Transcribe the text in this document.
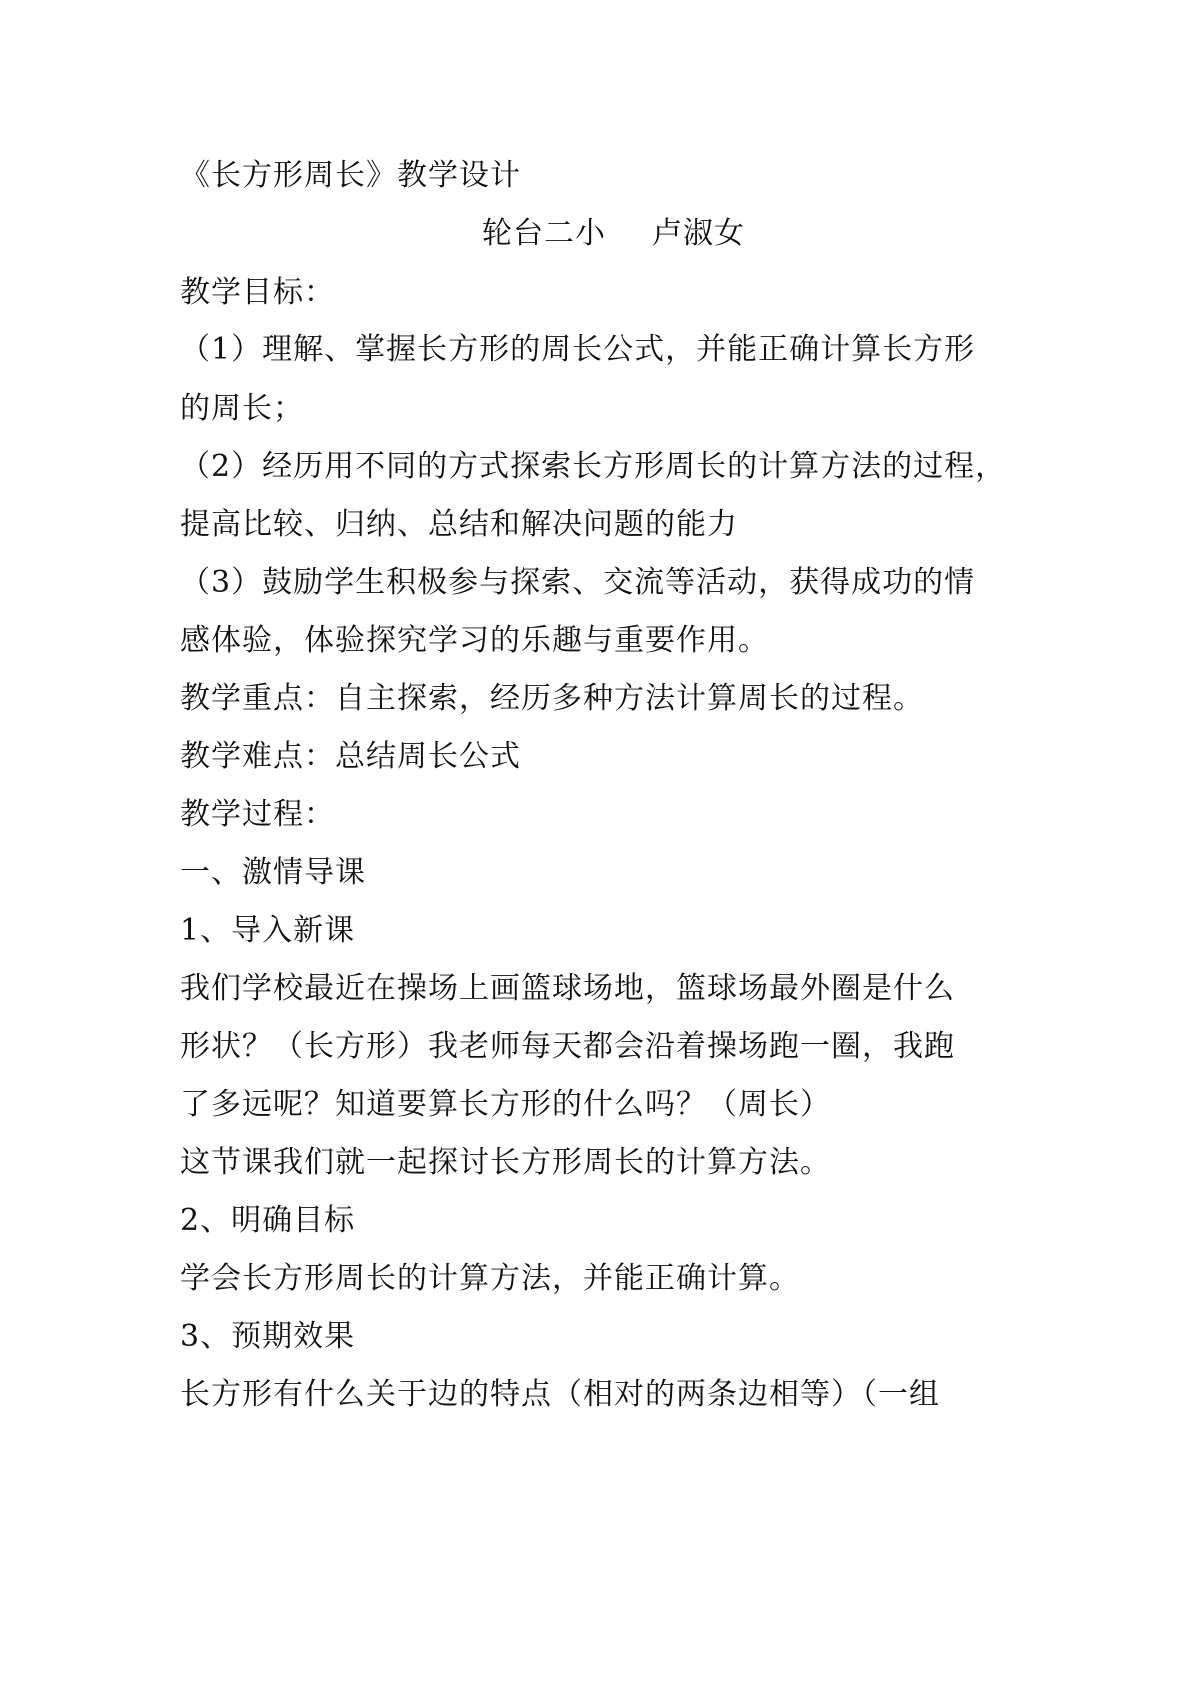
《长方形周长》教学设计
轮台二小 卢淑女
教学目标：
（1）理解、掌握长方形的周长公式，并能正确计算长方形
的周长；
（2）经历用不同的方式探索长方形周长的计算方法的过程，
提高比较、归纳、总结和解决问题的能力
（3）鼓励学生积极参与探索、交流等活动，获得成功的情
感体验，体验探究学习的乐趣与重要作用。
教学重点：自主探索，经历多种方法计算周长的过程。
教学难点：总结周长公式
教学过程：
一、激情导课
1、导入新课
我们学校最近在操场上画篮球场地，篮球场最外圈是什么
形状？（长方形）我老师每天都会沿着操场跑一圈，我跑
了多远呢？知道要算长方形的什么吗？（周长）
这节课我们就一起探讨长方形周长的计算方法。
2、明确目标
学会长方形周长的计算方法，并能正确计算。
3、预期效果
长方形有什么关于边的特点（相对的两条边相等）（一组
